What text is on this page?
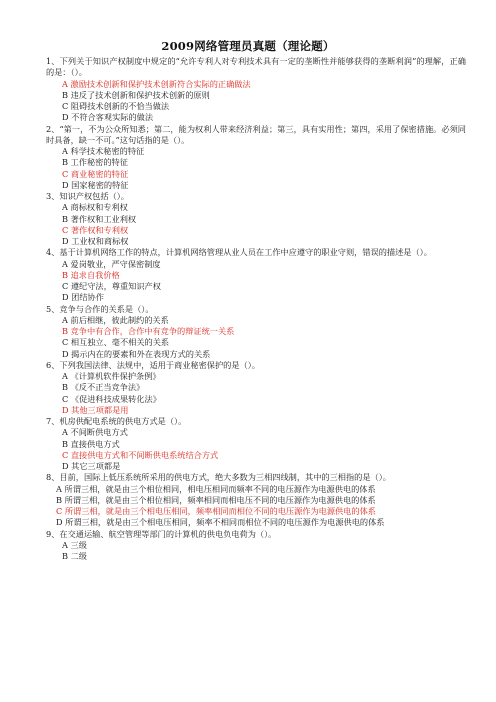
2009网络管理员真题（理论题）

1、下列关于知识产权制度中规定的“允许专利人对专利技术具有一定的垄断性并能够获得的垄断利润”的理解，正确的是：（）。

A 激励技术创新和保护技术创新符合实际的正确做法

B 违反了技术创新和保护技术创新的原则

C 阻碍技术创新的不恰当做法

D 不符合客观实际的做法

2、“第一，不为公众所知悉；第二，能为权利人带来经济利益；第三，具有实用性；第四，采用了保密措施。必须同时具备，缺一不可。”这句话指的是（）。

A 科学技术秘密的特征

B 工作秘密的特征

C 商业秘密的特征

D 国家秘密的特征

3、知识产权包括（）。

A 商标权和专利权

B 著作权和工业利权

C 著作权和专利权

D 工业权和商标权

4、基于计算机网络工作的特点，计算机网络管理从业人员在工作中应遵守的职业守则，错误的描述是（）。

A 爱岗敬业，严守保密制度

B 追求自我价格

C 遵纪守法，尊重知识产权

D 团结协作

5、竞争与合作的关系是（）。

A 前后相继，彼此制约的关系

B 竞争中有合作，合作中有竞争的辩证统一关系

C 相互独立、毫不相关的关系

D 揭示内在的要素和外在表现方式的关系

6、下列我国法律、法规中，适用于商业秘密保护的是（）。

A 《计算机软件保护条例》

B 《反不正当竞争法》

C 《促进科技成果转化法》

D 其他三项都是用

7、机房供配电系统的供电方式是（）。

A 不间断供电方式

B 直接供电方式

C 直接供电方式和不间断供电系统结合方式

D 其它三项都是

8、目前，国际上低压系统所采用的供电方式，绝大多数为三相四线制，其中的三相指的是（）。

A 所谓三相，就是由三个相位相同，相电压相同而频率不同的电压源作为电源供电的体系

B 所谓三相，就是由三个相位相同，频率相同而相电压不同的电压源作为电源供电的体系

C 所谓三相，就是由三个相电压相同，频率相同而相位不同的电压源作为电源供电的体系

D 所谓三相，就是由三个相电压相同，频率不相同而相位不同的电压源作为电源供电的体系

9、在交通运输、航空管理等部门的计算机的供电负电荷为（）。

A 三级

B 二级
